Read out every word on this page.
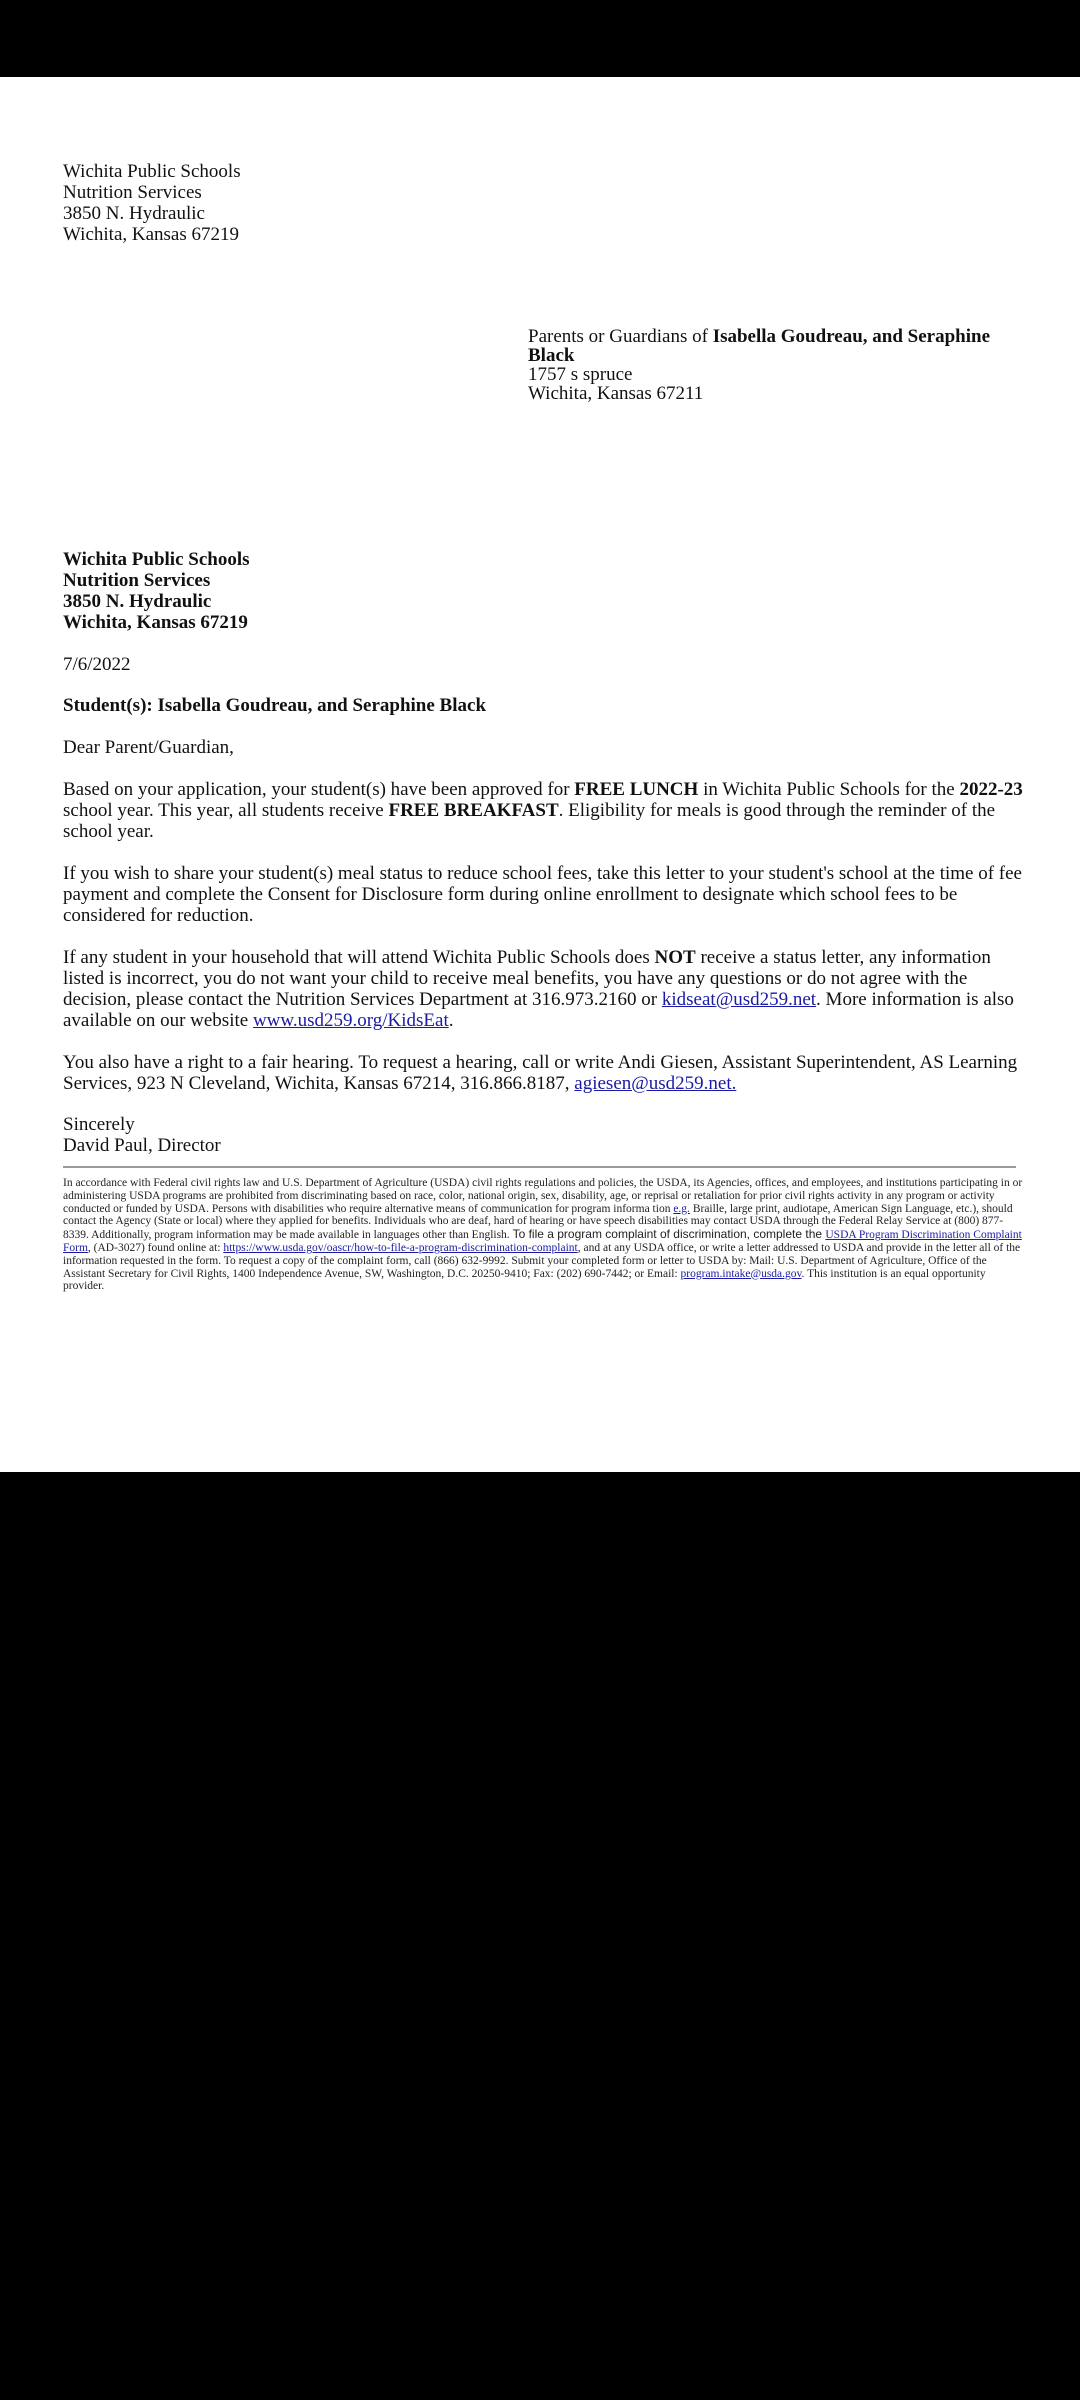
Wichita Public Schools
Nutrition Services
3850 N. Hydraulic
Wichita, Kansas 67219
Parents or Guardians of Isabella Goudreau, and Seraphine Black
1757 s spruce
Wichita, Kansas 67211
Wichita Public Schools
Nutrition Services
3850 N. Hydraulic
Wichita, Kansas 67219
7/6/2022
Student(s): Isabella Goudreau, and Seraphine Black
Dear Parent/Guardian,
Based on your application, your student(s) have been approved for FREE LUNCH in Wichita Public Schools for the 2022-23 school year. This year, all students receive FREE BREAKFAST. Eligibility for meals is good through the reminder of the school year.
If you wish to share your student(s) meal status to reduce school fees, take this letter to your student's school at the time of fee payment and complete the Consent for Disclosure form during online enrollment to designate which school fees to be considered for reduction.
If any student in your household that will attend Wichita Public Schools does NOT receive a status letter, any information listed is incorrect, you do not want your child to receive meal benefits, you have any questions or do not agree with the decision, please contact the Nutrition Services Department at 316.973.2160 or kidseat@usd259.net. More information is also available on our website www.usd259.org/KidsEat.
You also have a right to a fair hearing. To request a hearing, call or write Andi Giesen, Assistant Superintendent, AS Learning Services, 923 N Cleveland, Wichita, Kansas 67214, 316.866.8187, agiesen@usd259.net.
Sincerely
David Paul, Director
In accordance with Federal civil rights law and U.S. Department of Agriculture (USDA) civil rights regulations and policies, the USDA, its Agencies, offices, and employees, and institutions participating in or administering USDA programs are prohibited from discriminating based on race, color, national origin, sex, disability, age, or reprisal or retaliation for prior civil rights activity in any program or activity conducted or funded by USDA. Persons with disabilities who require alternative means of communication for program informa tion e.g. Braille, large print, audiotape, American Sign Language, etc.), should contact the Agency (State or local) where they applied for benefits. Individuals who are deaf, hard of hearing or have speech disabilities may contact USDA through the Federal Relay Service at (800) 877-8339. Additionally, program information may be made available in languages other than English. To file a program complaint of discrimination, complete the USDA Program Discrimination Complaint Form, (AD-3027) found online at: https://www.usda.gov/oascr/how-to-file-a-program-discrimination-complaint, and at any USDA office, or write a letter addressed to USDA and provide in the letter all of the information requested in the form. To request a copy of the complaint form, call (866) 632-9992. Submit your completed form or letter to USDA by: Mail: U.S. Department of Agriculture, Office of the Assistant Secretary for Civil Rights, 1400 Independence Avenue, SW, Washington, D.C. 20250-9410; Fax: (202) 690-7442; or Email: program.intake@usda.gov. This institution is an equal opportunity provider.
